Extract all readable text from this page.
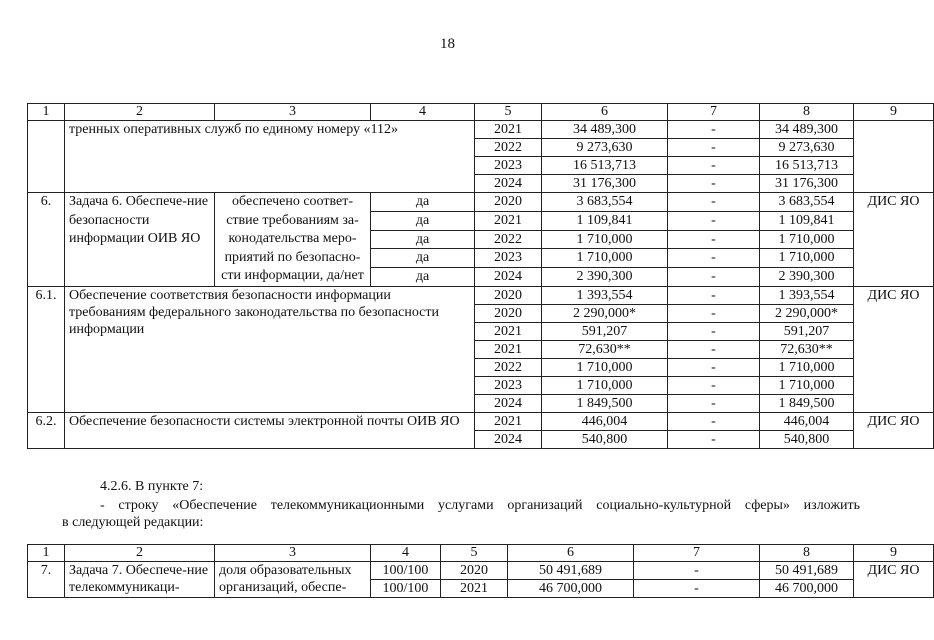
18
1	2	3	4	5	6	7	8	9
	тренных оперативных служб по единому номеру «112»			2021	34 489,300	-	34 489,300	
				2022	9 273,630	-	9 273,630	
				2023	16 513,713	-	16 513,713	
				2024	31 176,300	-	31 176,300	
6.	Задача 6. Обеспече-ние безопасности информации ОИВ ЯО	обеспечено соответ-ствие требованиям за-конодательства меро-приятий по безопасно-сти информации, да/нет	да	2020	3 683,554	-	3 683,554	ДИС ЯО
			да	2021	1 109,841	-	1 109,841	
			да	2022	1 710,000	-	1 710,000	
			да	2023	1 710,000	-	1 710,000	
			да	2024	2 390,300	-	2 390,300	
6.1.	Обеспечение соответствия безопасности информации требованиям федерального законодательства по безопасности информации			2020	1 393,554	-	1 393,554	ДИС ЯО
				2020	2 290,000*	-	2 290,000*	
				2021	591,207	-	591,207	
				2021	72,630**	-	72,630**	
				2022	1 710,000	-	1 710,000	
				2023	1 710,000	-	1 710,000	
				2024	1 849,500	-	1 849,500	
6.2.	Обеспечение безопасности системы электронной почты ОИВ ЯО			2021	446,004	-	446,004	ДИС ЯО
				2024	540,800	-	540,800	
4.2.6. В пункте 7:
- строку «Обеспечение телекоммуникационными услугами организаций социально-культурной сферы» изложить
в следующей редакции:
1	2	3	4	5	6	7	8	9
7.	Задача 7. Обеспече-ние телекоммуникаци-	доля образовательных организаций, обеспе-	100/100	2020	50 491,689	-	50 491,689	ДИС ЯО
			100/100	2021	46 700,000	-	46 700,000	
